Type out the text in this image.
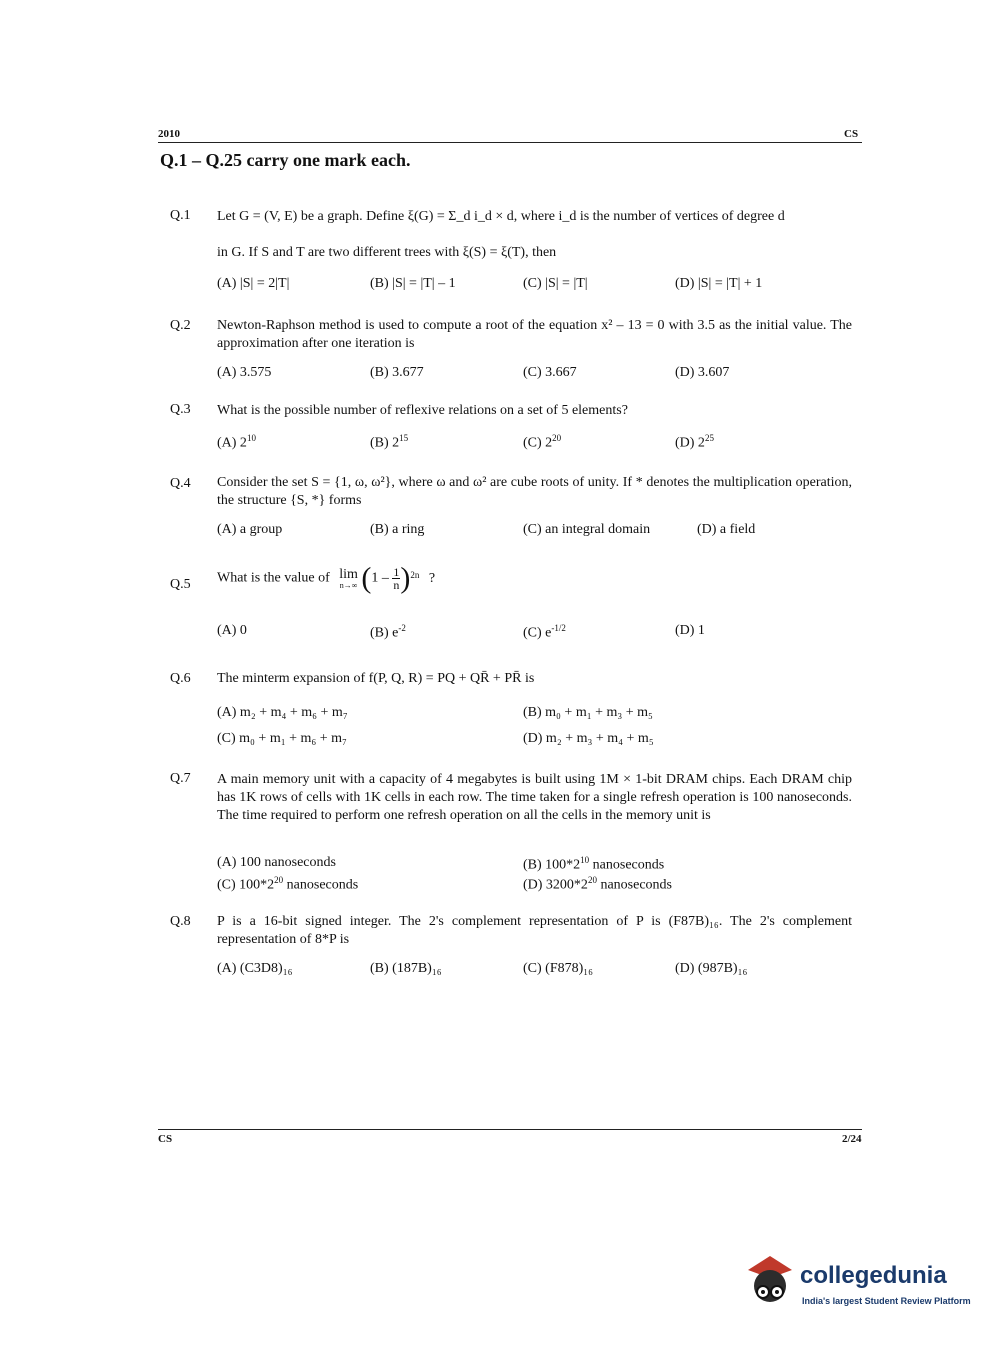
2010	CS
Q.1 – Q.25 carry one mark each.
Q.1 Let G = (V, E) be a graph. Define ξ(G) = Σ_d i_d × d, where i_d is the number of vertices of degree d
in G. If S and T are two different trees with ξ(S) = ξ(T), then
(A) |S| = 2|T|	(B) |S| = |T| – 1	(C) |S| = |T|	(D) |S| = |T| + 1
Q.2 Newton-Raphson method is used to compute a root of the equation x² – 13 = 0 with 3.5 as the initial value. The approximation after one iteration is
(A) 3.575	(B) 3.677	(C) 3.667	(D) 3.607
Q.3 What is the possible number of reflexive relations on a set of 5 elements?
(A) $2^{10}$	(B) $2^{15}$	(C) $2^{20}$	(D) $2^{25}$
Q.4 Consider the set S = {1, ω, ω²}, where ω and ω² are cube roots of unity. If * denotes the multiplication operation, the structure {S, *} forms
(A) a group	(B) a ring	(C) an integral domain	(D) a field
Q.5 What is the value of lim
n→∞ $(1 - \frac{1}{n})^{2n}$ ?
(A) 0	(B) $e^{-2}$	(C) $e^{-1/2}$	(D) 1
Q.6 The minterm expansion of f(P, Q, R) = PQ + QR̄ + PR̄ is
(A) m₂ + m₄ + m₆ + m₇	(B) m₀ + m₁ + m₃ + m₅
(C) m₀ + m₁ + m₆ + m₇	(D) m₂ + m₃ + m₄ + m₅
Q.7 A main memory unit with a capacity of 4 megabytes is built using 1M × 1-bit DRAM chips. Each DRAM chip has 1K rows of cells with 1K cells in each row. The time taken for a single refresh operation is 100 nanoseconds. The time required to perform one refresh operation on all the cells in the memory unit is
(A) 100 nanoseconds	(B) $100*2^{10}$ nanoseconds
(C) $100*2^{20}$ nanoseconds	(D) $3200*2^{20}$ nanoseconds
Q.8 P is a 16-bit signed integer. The 2's complement representation of P is (F87B)₁₆. The 2's complement representation of 8*P is
(A) (C3D8)₁₆	(B) (187B)₁₆	(C) (F878)₁₆	(D) (987B)₁₆
CS	2/24
collegedunia
India's largest Student Review Platform
